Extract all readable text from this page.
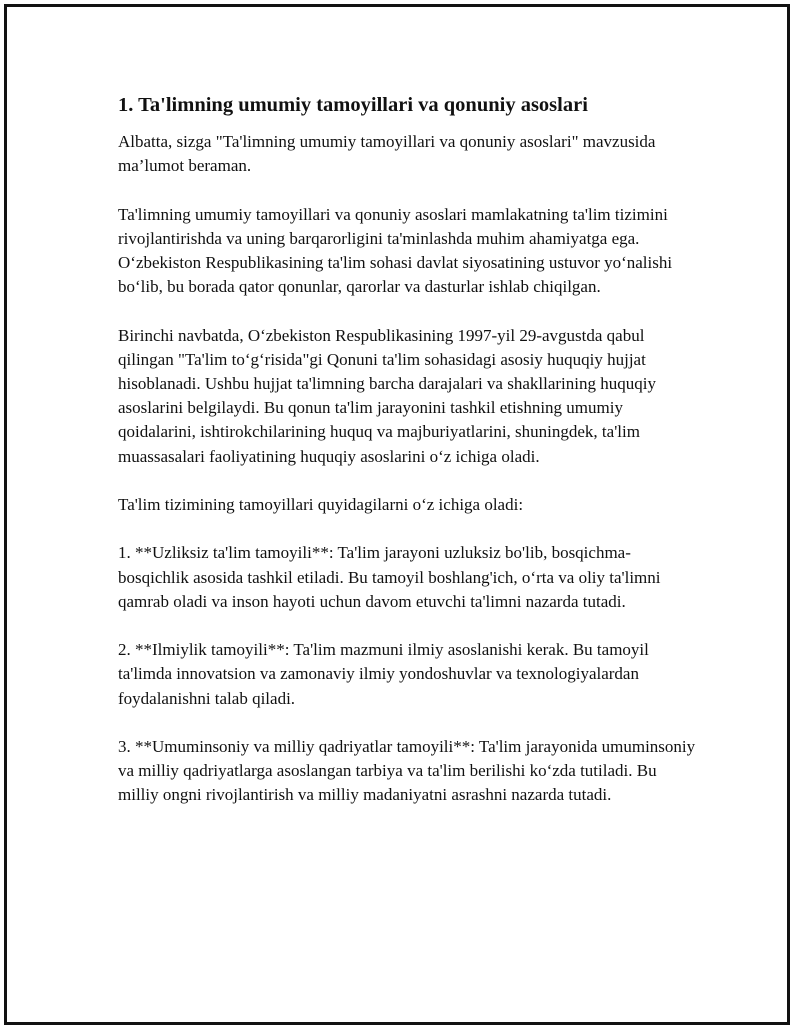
1. Ta'limning umumiy tamoyillari va qonuniy asoslari

Albatta, sizga "Ta'limning umumiy tamoyillari va qonuniy asoslari" mavzusida ma’lumot beraman.

Ta'limning umumiy tamoyillari va qonuniy asoslari mamlakatning ta'lim tizimini rivojlantirishda va uning barqarorligini ta'minlashda muhim ahamiyatga ega. O‘zbekiston Respublikasining ta'lim sohasi davlat siyosatining ustuvor yo‘nalishi bo‘lib, bu borada qator qonunlar, qarorlar va dasturlar ishlab chiqilgan.

Birinchi navbatda, O‘zbekiston Respublikasining 1997-yil 29-avgustda qabul qilingan "Ta'lim to‘g‘risida"gi Qonuni ta'lim sohasidagi asosiy huquqiy hujjat hisoblanadi. Ushbu hujjat ta'limning barcha darajalari va shakllarining huquqiy asoslarini belgilaydi. Bu qonun ta'lim jarayonini tashkil etishning umumiy qoidalarini, ishtirokchilarining huquq va majburiyatlarini, shuningdek, ta'lim muassasalari faoliyatining huquqiy asoslarini o‘z ichiga oladi.

Ta'lim tizimining tamoyillari quyidagilarni o‘z ichiga oladi:

1. **Uzliksiz ta'lim tamoyili**: Ta'lim jarayoni uzluksiz bo'lib, bosqichma-bosqichlik asosida tashkil etiladi. Bu tamoyil boshlang'ich, o‘rta va oliy ta'limni qamrab oladi va inson hayoti uchun davom etuvchi ta'limni nazarda tutadi.

2. **Ilmiylik tamoyili**: Ta'lim mazmuni ilmiy asoslanishi kerak. Bu tamoyil ta'limda innovatsion va zamonaviy ilmiy yondoshuvlar va texnologiyalardan foydalanishni talab qiladi.

3. **Umuminsoniy va milliy qadriyatlar tamoyili**: Ta'lim jarayonida umuminsoniy va milliy qadriyatlarga asoslangan tarbiya va ta'lim berilishi ko‘zda tutiladi. Bu milliy ongni rivojlantirish va milliy madaniyatni asrashni nazarda tutadi.
